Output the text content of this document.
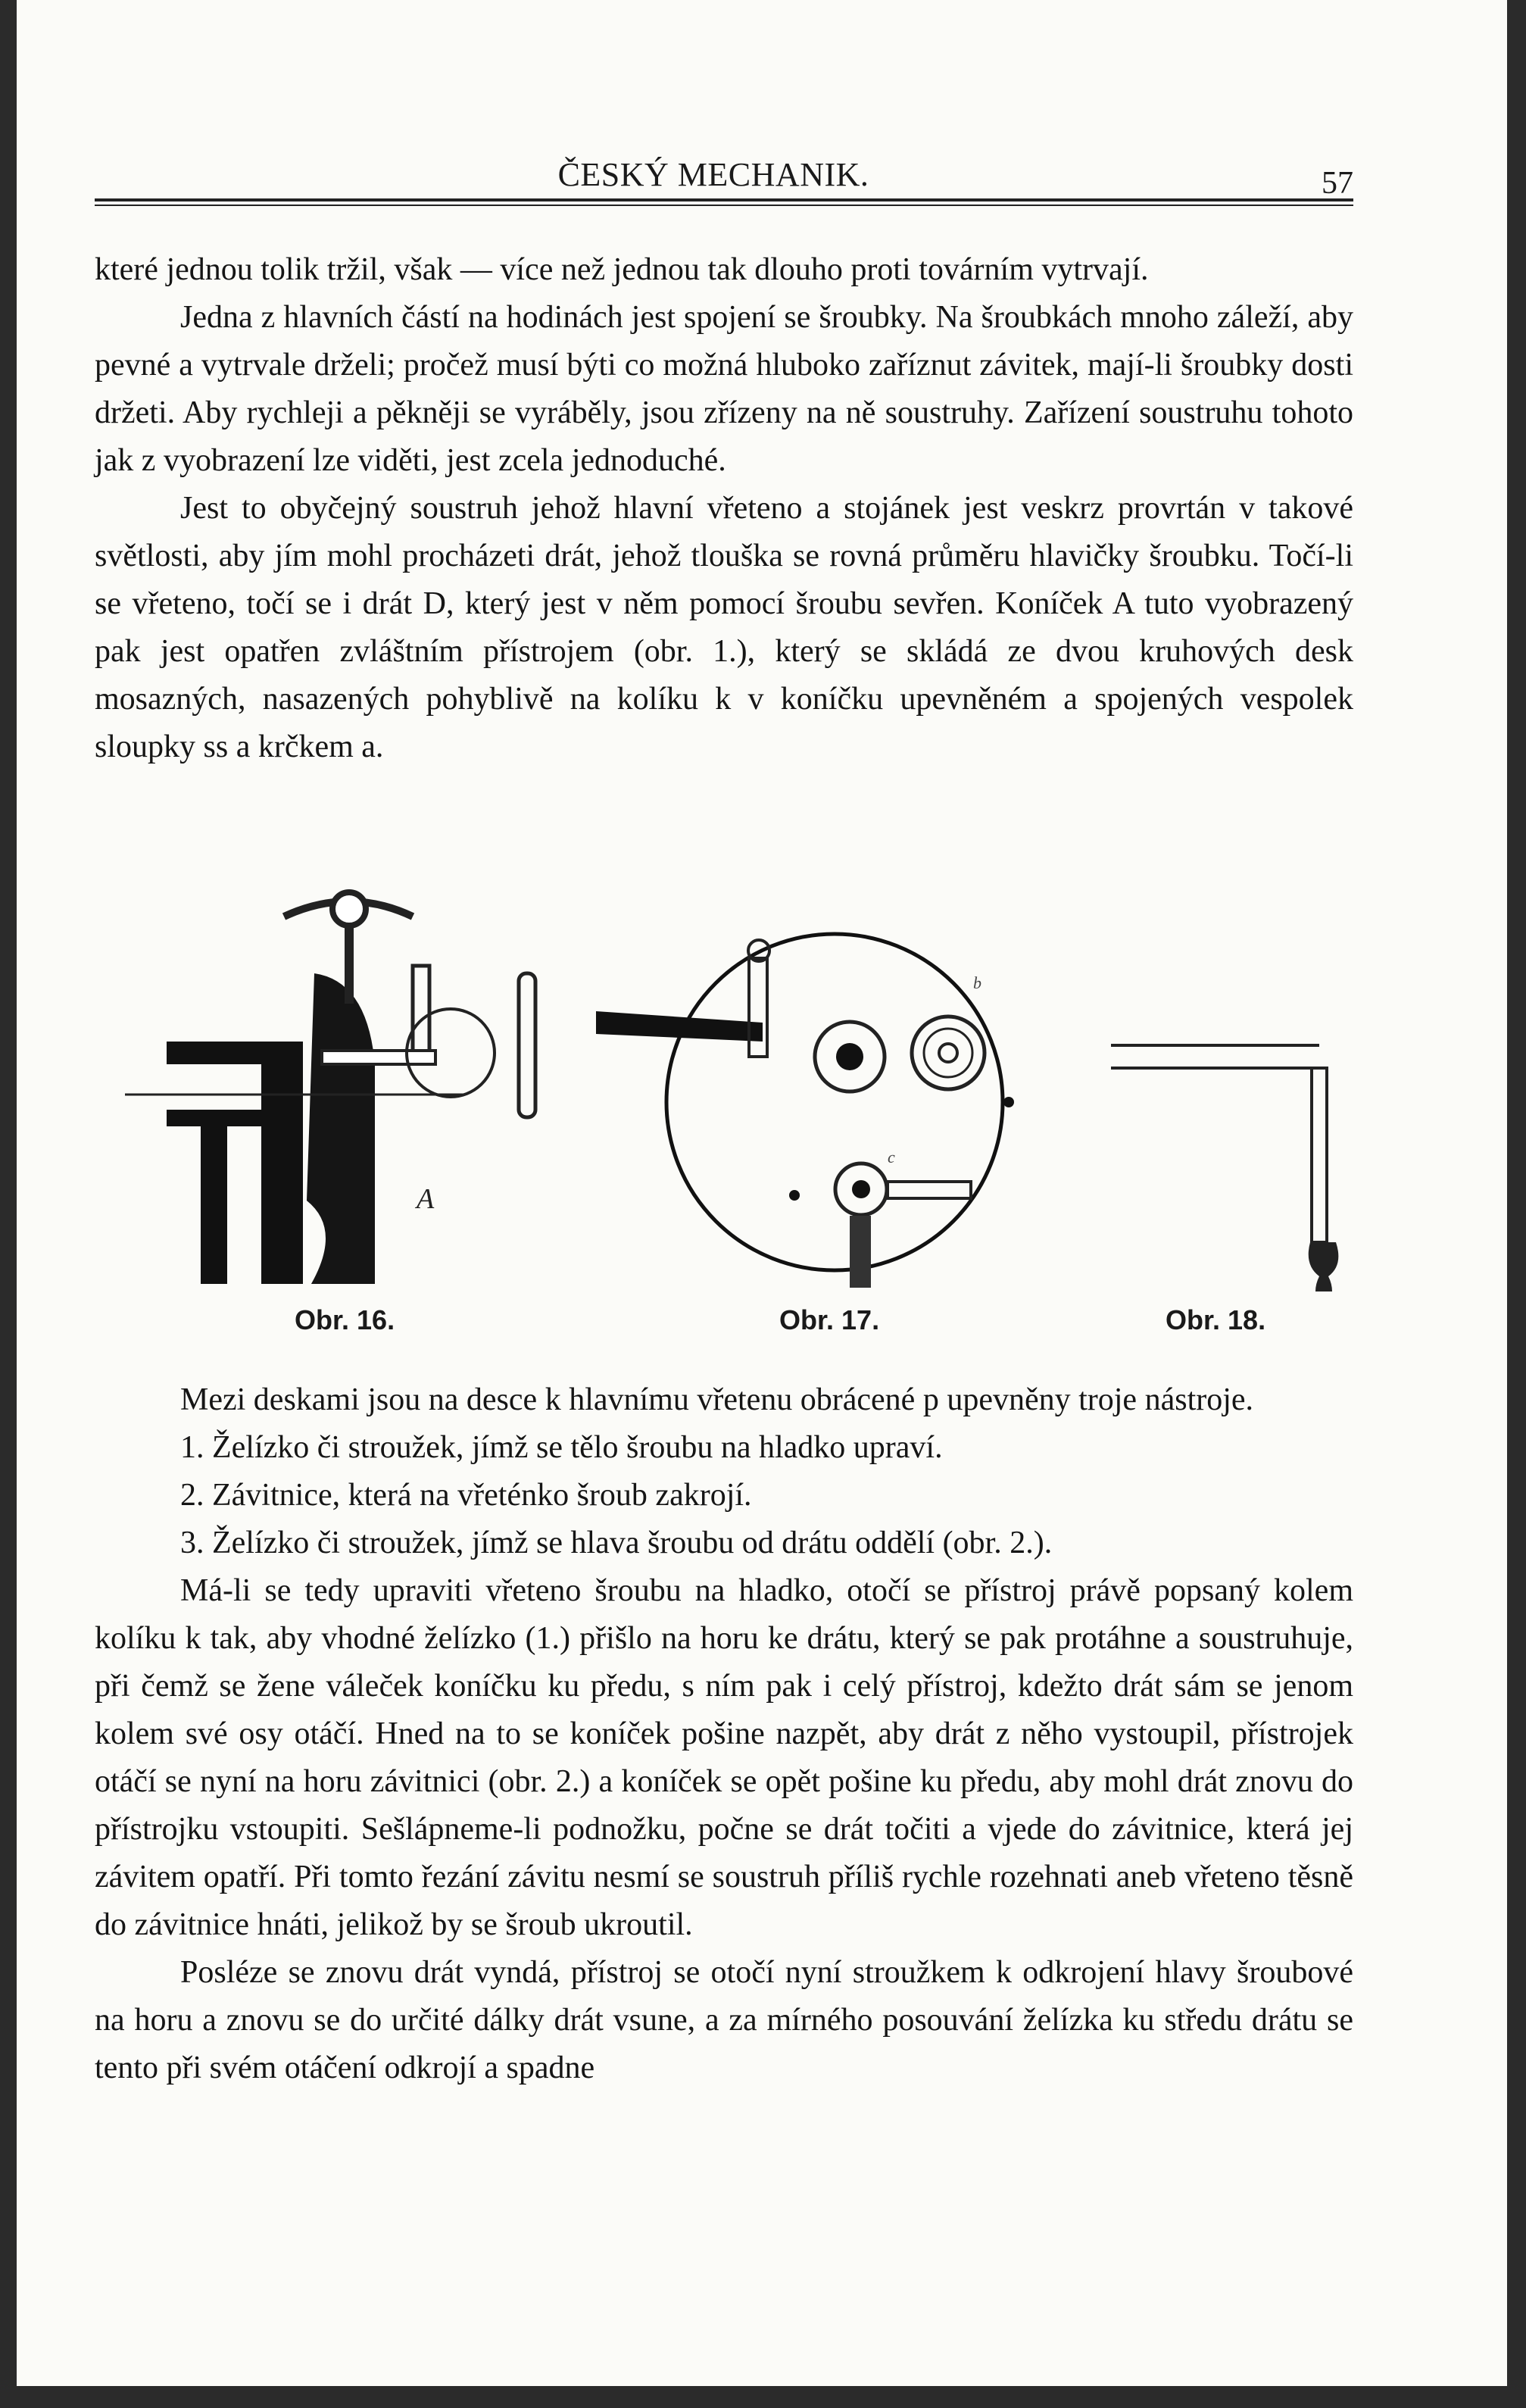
ČESKÝ MECHANIK.	57

které jednou tolik tržil, však — více než jednou tak dlouho proti továrním vytrvají.

Jedna z hlavních částí na hodinách jest spojení se šroubky. Na šroubkách mnoho záleží, aby pevné a vytrvale drželi; pročež musí býti co možná hluboko zaříznut závitek, mají-li šroubky dosti držeti. Aby rychleji a pěkněji se vyráběly, jsou zřízeny na ně soustruhy. Zařízení soustruhu tohoto jak z vyobrazení lze viděti, jest zcela jednoduché.

Jest to obyčejný soustruh jehož hlavní vřeteno a stojánek jest veskrz provrtán v takové světlosti, aby jím mohl procházeti drát, jehož tlouška se rovná průměru hlavičky šroubku. Točí-li se vřeteno, točí se i drát D, který jest v něm pomocí šroubu sevřen. Koníček A tuto vyobrazený pak jest opatřen zvláštním přístrojem (obr. 1.), který se skládá ze dvou kruhových desk mosazných, nasazených pohyblivě na kolíku k v koníčku upevněném a spojených vespolek sloupky ss a krčkem a.

A
Obr. 16.
b
c
Obr. 17.	Obr. 18.

Mezi deskami jsou na desce k hlavnímu vřetenu obrácené p upevněny troje nástroje.

1. Želízko či stroužek, jímž se tělo šroubu na hladko upraví.

2. Závitnice, která na vřeténko šroub zakrojí.

3. Želízko či stroužek, jímž se hlava šroubu od drátu oddělí (obr. 2.).

Má-li se tedy upraviti vřeteno šroubu na hladko, otočí se přístroj právě popsaný kolem kolíku k tak, aby vhodné želízko (1.) přišlo na horu ke drátu, který se pak protáhne a soustruhuje, při čemž se žene váleček koníčku ku předu, s ním pak i celý přístroj, kdežto drát sám se jenom kolem své osy otáčí. Hned na to se koníček pošine nazpět, aby drát z něho vystoupil, přístrojek otáčí se nyní na horu závitnici (obr. 2.) a koníček se opět pošine ku předu, aby mohl drát znovu do přístrojku vstoupiti. Sešlápneme-li podnožku, počne se drát točiti a vjede do závitnice, která jej závitem opatří. Při tomto řezání závitu nesmí se soustruh příliš rychle rozehnati aneb vřeteno těsně do závitnice hnáti, jelikož by se šroub ukroutil.

Posléze se znovu drát vyndá, přístroj se otočí nyní stroužkem k odkrojení hlavy šroubové na horu a znovu se do určité dálky drát vsune, a za mírného posouvání želízka ku středu drátu se tento při svém otáčení odkrojí a spadne
